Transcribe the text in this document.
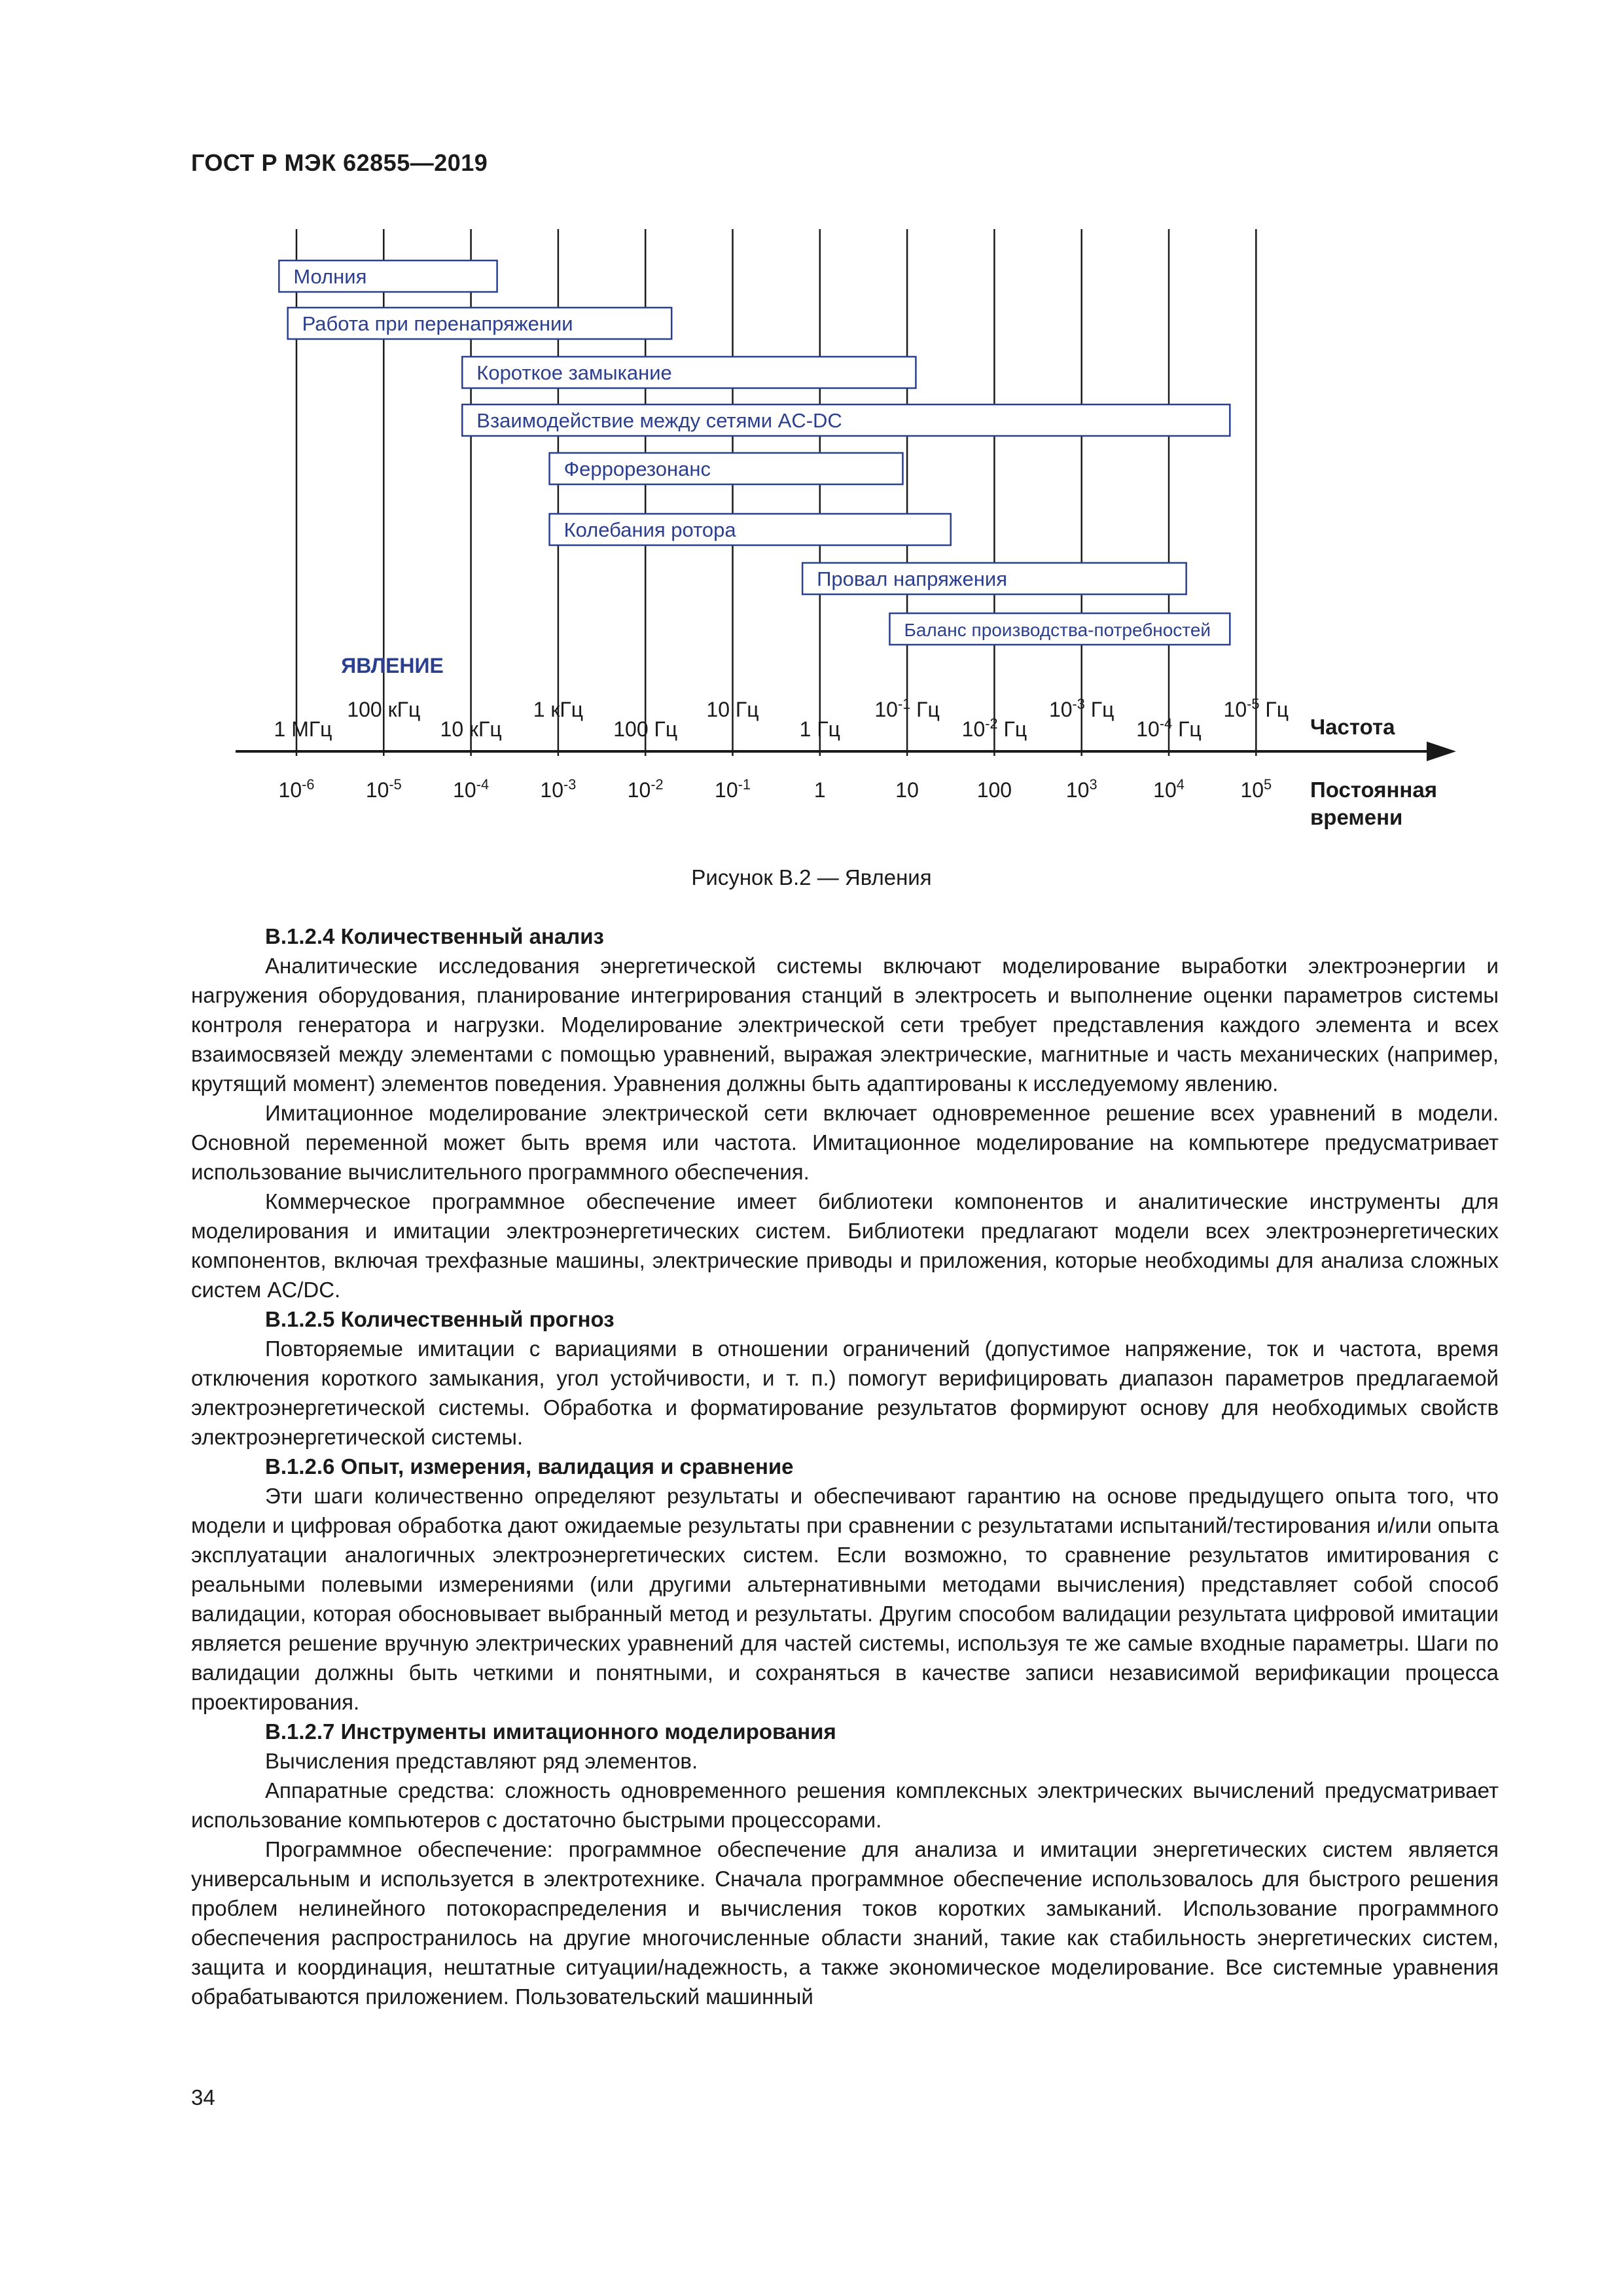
ГОСТ Р МЭК 62855—2019
Молния
Работа при перенапряжении
Короткое замыкание
Взаимодействие между сетями AC-DC
Феррорезонанс
Колебания ротора
Провал напряжения
Баланс производства-потребностей
ЯВЛЕНИЕ
1 МГц
100 кГц
10 кГц
1 кГц
100 Гц
10 Гц
1 Гц
$10^{-1}$ Гц
$10^{-2}$ Гц
$10^{-3}$ Гц
$10^{-4}$ Гц
$10^{-5}$ Гц
Частота
$10^{-6}$ $10^{-5}$ $10^{-4}$ $10^{-3}$ $10^{-2}$ $10^{-1}$	1	10	100	$10^3$	$10^4$	$10^5$ Постоянная
времени
Рисунок В.2 — Явления
В.1.2.4 Количественный анализ

Аналитические исследования энергетической системы включают моделирование выработки электроэнергии и нагружения оборудования, планирование интегрирования станций в электросеть и выполнение оценки параметров системы контроля генератора и нагрузки. Моделирование электрической сети требует представления каждого элемента и всех взаимосвязей между элементами с помощью уравнений, выражая электрические, магнитные и часть механических (например, крутящий момент) элементов поведения. Уравнения должны быть адаптированы к исследуемому явлению.

Имитационное моделирование электрической сети включает одновременное решение всех уравнений в модели. Основной переменной может быть время или частота. Имитационное моделирование на компьютере предусматривает использование вычислительного программного обеспечения.

Коммерческое программное обеспечение имеет библиотеки компонентов и аналитические инструменты для моделирования и имитации электроэнергетических систем. Библиотеки предлагают модели всех электроэнергетических компонентов, включая трехфазные машины, электрические приводы и приложения, которые необходимы для анализа сложных систем AC/DC.

В.1.2.5 Количественный прогноз

Повторяемые имитации с вариациями в отношении ограничений (допустимое напряжение, ток и частота, время отключения короткого замыкания, угол устойчивости, и т. п.) помогут верифицировать диапазон параметров предлагаемой электроэнергетической системы. Обработка и форматирование результатов формируют основу для необходимых свойств электроэнергетической системы.

В.1.2.6 Опыт, измерения, валидация и сравнение

Эти шаги количественно определяют результаты и обеспечивают гарантию на основе предыдущего опыта того, что модели и цифровая обработка дают ожидаемые результаты при сравнении с результатами испытаний/тестирования и/или опыта эксплуатации аналогичных электроэнергетических систем. Если возможно, то сравнение результатов имитирования с реальными полевыми измерениями (или другими альтернативными методами вычисления) представляет собой способ валидации, которая обосновывает выбранный метод и результаты. Другим способом валидации результата цифровой имитации является решение вручную электрических уравнений для частей системы, используя те же самые входные параметры. Шаги по валидации должны быть четкими и понятными, и сохраняться в качестве записи независимой верификации процесса проектирования.

В.1.2.7 Инструменты имитационного моделирования

Вычисления представляют ряд элементов.

Аппаратные средства: сложность одновременного решения комплексных электрических вычислений предусматривает использование компьютеров с достаточно быстрыми процессорами.

Программное обеспечение: программное обеспечение для анализа и имитации энергетических систем является универсальным и используется в электротехнике. Сначала программное обеспечение использовалось для быстрого решения проблем нелинейного потокораспределения и вычисления токов коротких замыканий. Использование программного обеспечения распространилось на другие многочисленные области знаний, такие как стабильность энергетических систем, защита и координация, нештатные ситуации/надежность, а также экономическое моделирование. Все системные уравнения обрабатываются приложением. Пользовательский машинный

34
